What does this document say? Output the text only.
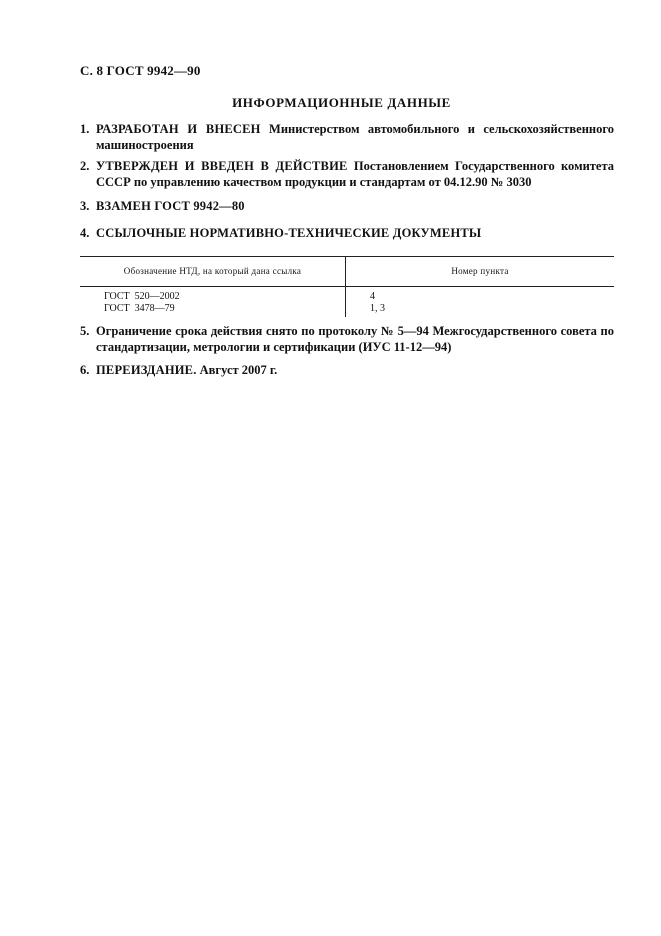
С. 8 ГОСТ 9942—90
ИНФОРМАЦИОННЫЕ ДАННЫЕ
1. РАЗРАБОТАН И ВНЕСЕН Министерством автомобильного и сельскохозяйственного машиностроения
2. УТВЕРЖДЕН И ВВЕДЕН В ДЕЙСТВИЕ Постановлением Государственного комитета СССР по управлению качеством продукции и стандартам от 04.12.90 № 3030
3. ВЗАМЕН ГОСТ 9942—80
4. ССЫЛОЧНЫЕ НОРМАТИВНО-ТЕХНИЧЕСКИЕ ДОКУМЕНТЫ
Обозначение НТД, на который дана ссылка	Номер пункта
ГОСТ  520—2002
ГОСТ  3478—79
4
1, 3
5. Ограничение срока действия снято по протоколу № 5—94 Межгосударственного совета по стандартизации, метрологии и сертификации (ИУС 11-12—94)
6. ПЕРЕИЗДАНИЕ. Август 2007 г.
